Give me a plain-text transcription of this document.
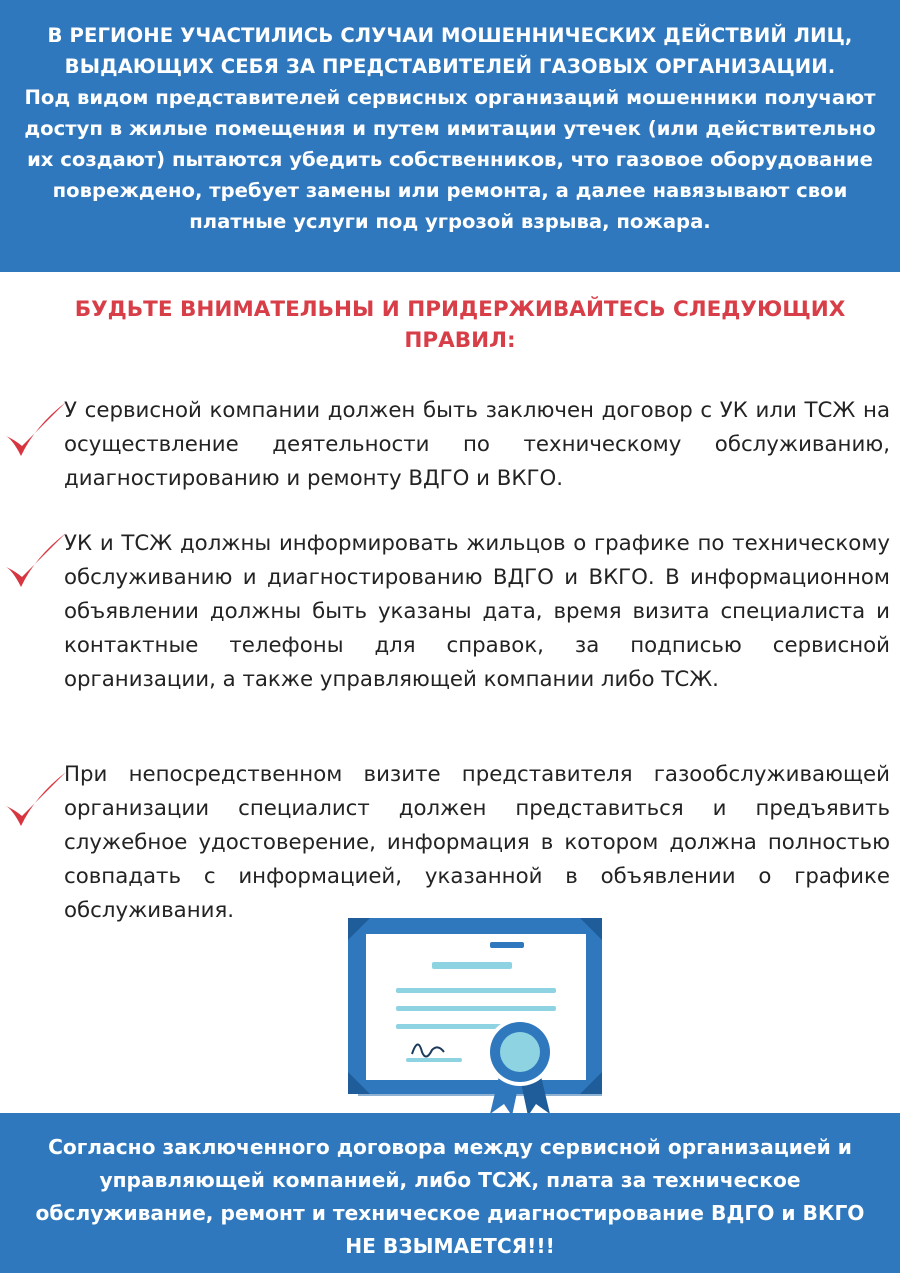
В РЕГИОНЕ УЧАСТИЛИСЬ СЛУЧАИ МОШЕННИЧЕСКИХ ДЕЙСТВИЙ ЛИЦ, ВЫДАЮЩИХ СЕБЯ ЗА ПРЕДСТАВИТЕЛЕЙ ГАЗОВЫХ ОРГАНИЗАЦИИ.
Под видом представителей сервисных организаций мошенники получают доступ в жилые помещения и путем имитации утечек (или действительно их создают) пытаются убедить собственников, что газовое оборудование повреждено, требует замены или ремонта, а далее навязывают свои платные услуги под угрозой взрыва, пожара.
БУДЬТЕ ВНИМАТЕЛЬНЫ И ПРИДЕРЖИВАЙТЕСЬ СЛЕДУЮЩИХ ПРАВИЛ:

У сервисной компании должен быть заключен договор с УК или ТСЖ на осуществление деятельности по техническому обслуживанию, диагностированию и ремонту ВДГО и ВКГО.

УК и ТСЖ должны информировать жильцов о графике по техническому обслуживанию и диагностированию ВДГО и ВКГО. В информационном объявлении должны быть указаны дата, время визита специалиста и контактные телефоны для справок, за подписью сервисной организации, а также управляющей компании либо ТСЖ.

При непосредственном визите представителя газообслуживающей организации специалист должен представиться и предъявить служебное удостоверение, информация в котором должна полностью совпадать с информацией, указанной в объявлении о графике обслуживания.

Согласно заключенного договора между сервисной организацией и управляющей компанией, либо ТСЖ, плата за техническое обслуживание, ремонт и техническое диагностирование ВДГО и ВКГО НЕ ВЗЫМАЕТСЯ!!!
